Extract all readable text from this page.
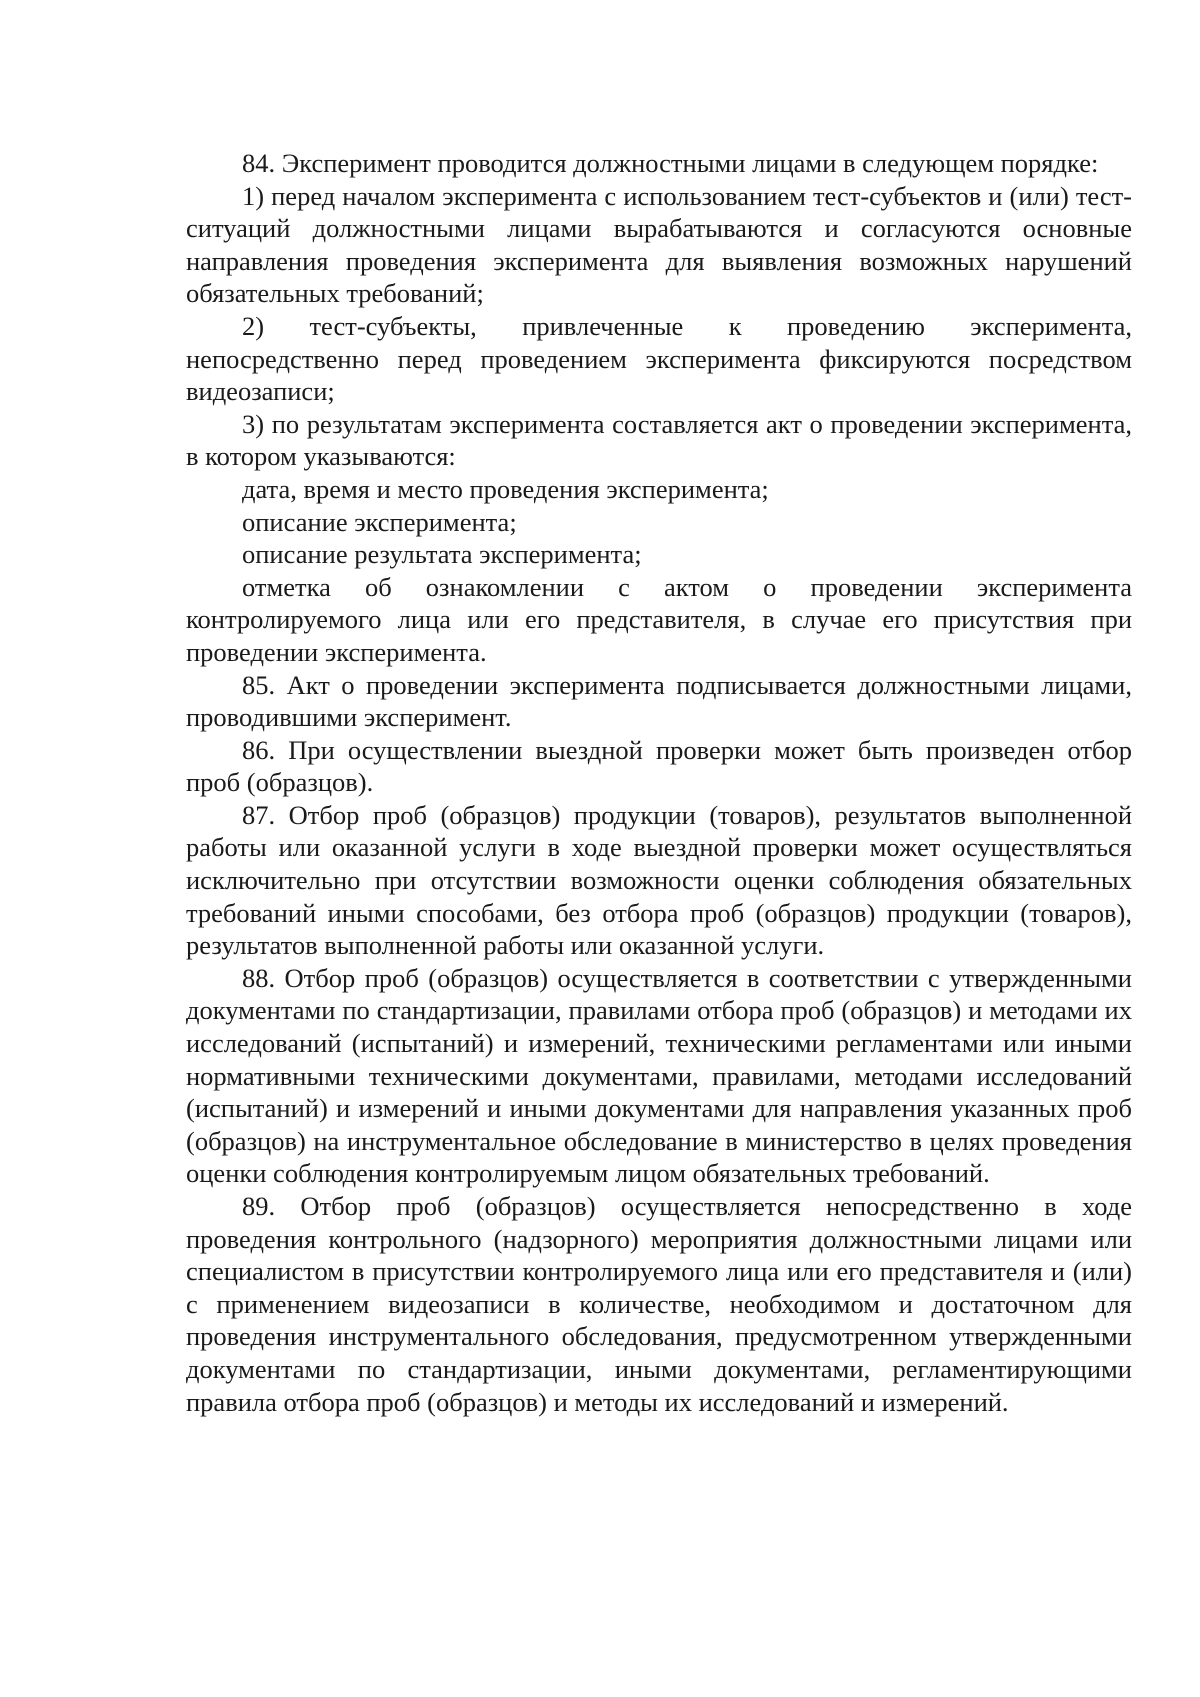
84. Эксперимент проводится должностными лицами в следующем порядке:

1) перед началом эксперимента с использованием тест-субъектов и (или) тест-ситуаций должностными лицами вырабатываются и согласуются основные направления проведения эксперимента для выявления возможных нарушений обязательных требований;

2) тест-субъекты, привлеченные к проведению эксперимента, непосредственно перед проведением эксперимента фиксируются посредством видеозаписи;

3) по результатам эксперимента составляется акт о проведении эксперимента, в котором указываются:

дата, время и место проведения эксперимента;

описание эксперимента;

описание результата эксперимента;

отметка об ознакомлении с актом о проведении эксперимента контролируемого лица или его представителя, в случае его присутствия при проведении эксперимента.

85. Акт о проведении эксперимента подписывается должностными лицами, проводившими эксперимент.

86. При осуществлении выездной проверки может быть произведен отбор проб (образцов).

87. Отбор проб (образцов) продукции (товаров), результатов выполненной работы или оказанной услуги в ходе выездной проверки может осуществляться исключительно при отсутствии возможности оценки соблюдения обязательных требований иными способами, без отбора проб (образцов) продукции (товаров), результатов выполненной работы или оказанной услуги.

88. Отбор проб (образцов) осуществляется в соответствии с утвержденными документами по стандартизации, правилами отбора проб (образцов) и методами их исследований (испытаний) и измерений, техническими регламентами или иными нормативными техническими документами, правилами, методами исследований (испытаний) и измерений и иными документами для направления указанных проб (образцов) на инструментальное обследование в министерство в целях проведения оценки соблюдения контролируемым лицом обязательных требований.

89. Отбор проб (образцов) осуществляется непосредственно в ходе проведения контрольного (надзорного) мероприятия должностными лицами или специалистом в присутствии контролируемого лица или его представителя и (или) с применением видеозаписи в количестве, необходимом и достаточном для проведения инструментального обследования, предусмотренном утвержденными документами по стандартизации, иными документами, регламентирующими правила отбора проб (образцов) и методы их исследований и измерений.
